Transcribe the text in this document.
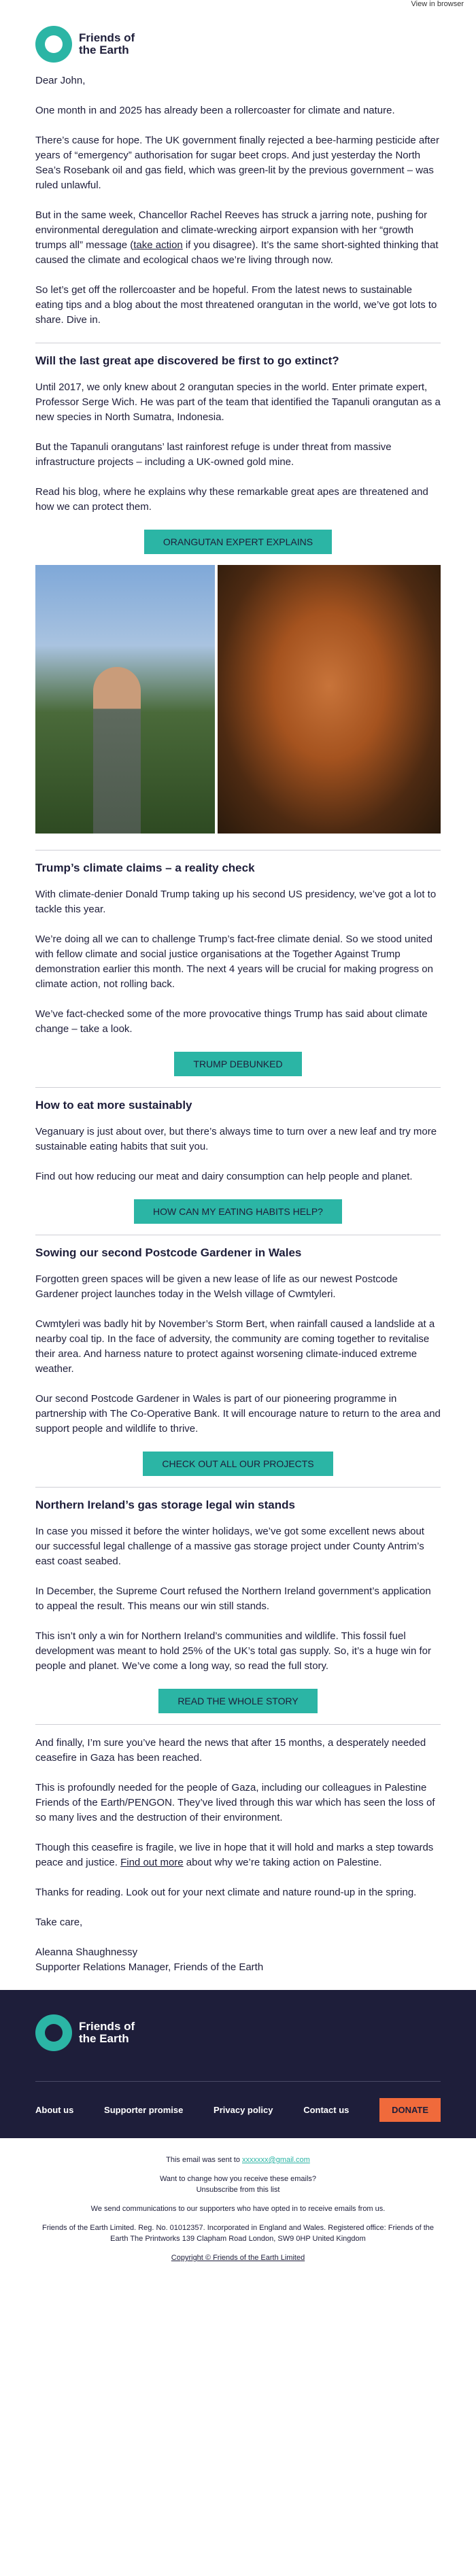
View in browser
Friends of the Earth

Dear John,

One month in and 2025 has already been a rollercoaster for climate and nature.

There’s cause for hope. The UK government finally rejected a bee-harming pesticide after years of “emergency” authorisation for sugar beet crops. And just yesterday the North Sea’s Rosebank oil and gas field, which was green-lit by the previous government – was ruled unlawful.

But in the same week, Chancellor Rachel Reeves has struck a jarring note, pushing for environmental deregulation and climate-wrecking airport expansion with her “growth trumps all” message (take action if you disagree). It’s the same short-sighted thinking that caused the climate and ecological chaos we’re living through now.

So let’s get off the rollercoaster and be hopeful. From the latest news to sustainable eating tips and a blog about the most threatened orangutan in the world, we’ve got lots to share. Dive in.

Will the last great ape discovered be first to go extinct?

Until 2017, we only knew about 2 orangutan species in the world. Enter primate expert, Professor Serge Wich. He was part of the team that identified the Tapanuli orangutan as a new species in North Sumatra, Indonesia.

But the Tapanuli orangutans’ last rainforest refuge is under threat from massive infrastructure projects – including a UK-owned gold mine.

Read his blog, where he explains why these remarkable great apes are threatened and how we can protect them.

ORANGUTAN EXPERT EXPLAINS
Trump’s climate claims – a reality check

With climate-denier Donald Trump taking up his second US presidency, we’ve got a lot to tackle this year.

We’re doing all we can to challenge Trump’s fact-free climate denial. So we stood united with fellow climate and social justice organisations at the Together Against Trump demonstration earlier this month. The next 4 years will be crucial for making progress on climate action, not rolling back.

We’ve fact-checked some of the more provocative things Trump has said about climate change – take a look.

TRUMP DEBUNKED
How to eat more sustainably

Veganuary is just about over, but there’s always time to turn over a new leaf and try more sustainable eating habits that suit you.

Find out how reducing our meat and dairy consumption can help people and planet.

HOW CAN MY EATING HABITS HELP?
Sowing our second Postcode Gardener in Wales

Forgotten green spaces will be given a new lease of life as our newest Postcode Gardener project launches today in the Welsh village of Cwmtyleri.

Cwmtyleri was badly hit by November’s Storm Bert, when rainfall caused a landslide at a nearby coal tip. In the face of adversity, the community are coming together to revitalise their area. And harness nature to protect against worsening climate-induced extreme weather.

Our second Postcode Gardener in Wales is part of our pioneering programme in partnership with The Co-Operative Bank. It will encourage nature to return to the area and support people and wildlife to thrive.

CHECK OUT ALL OUR PROJECTS
Northern Ireland’s gas storage legal win stands

In case you missed it before the winter holidays, we’ve got some excellent news about our successful legal challenge of a massive gas storage project under County Antrim’s east coast seabed.

In December, the Supreme Court refused the Northern Ireland government’s application to appeal the result. This means our win still stands.

This isn’t only a win for Northern Ireland’s communities and wildlife. This fossil fuel development was meant to hold 25% of the UK’s total gas supply. So, it’s a huge win for people and planet. We’ve come a long way, so read the full story.

READ THE WHOLE STORY

And finally, I’m sure you’ve heard the news that after 15 months, a desperately needed ceasefire in Gaza has been reached.

This is profoundly needed for the people of Gaza, including our colleagues in Palestine Friends of the Earth/PENGON. They’ve lived through this war which has seen the loss of so many lives and the destruction of their environment.

Though this ceasefire is fragile, we live in hope that it will hold and marks a step towards peace and justice. Find out more about why we’re taking action on Palestine.

Thanks for reading. Look out for your next climate and nature round-up in the spring.

Take care,

Aleanna Shaughnessy
Supporter Relations Manager, Friends of the Earth

Friends of the Earth
About us	Supporter promise	Privacy policy	Contact us	DONATE

This email was sent to xxxxxxx@gmail.com

Want to change how you receive these emails?
Unsubscribe from this list

We send communications to our supporters who have opted in to receive emails from us.

Friends of the Earth Limited. Reg. No. 01012357. Incorporated in England and Wales. Registered office: Friends of the Earth The Printworks 139 Clapham Road London, SW9 0HP United Kingdom

Copyright © Friends of the Earth Limited
